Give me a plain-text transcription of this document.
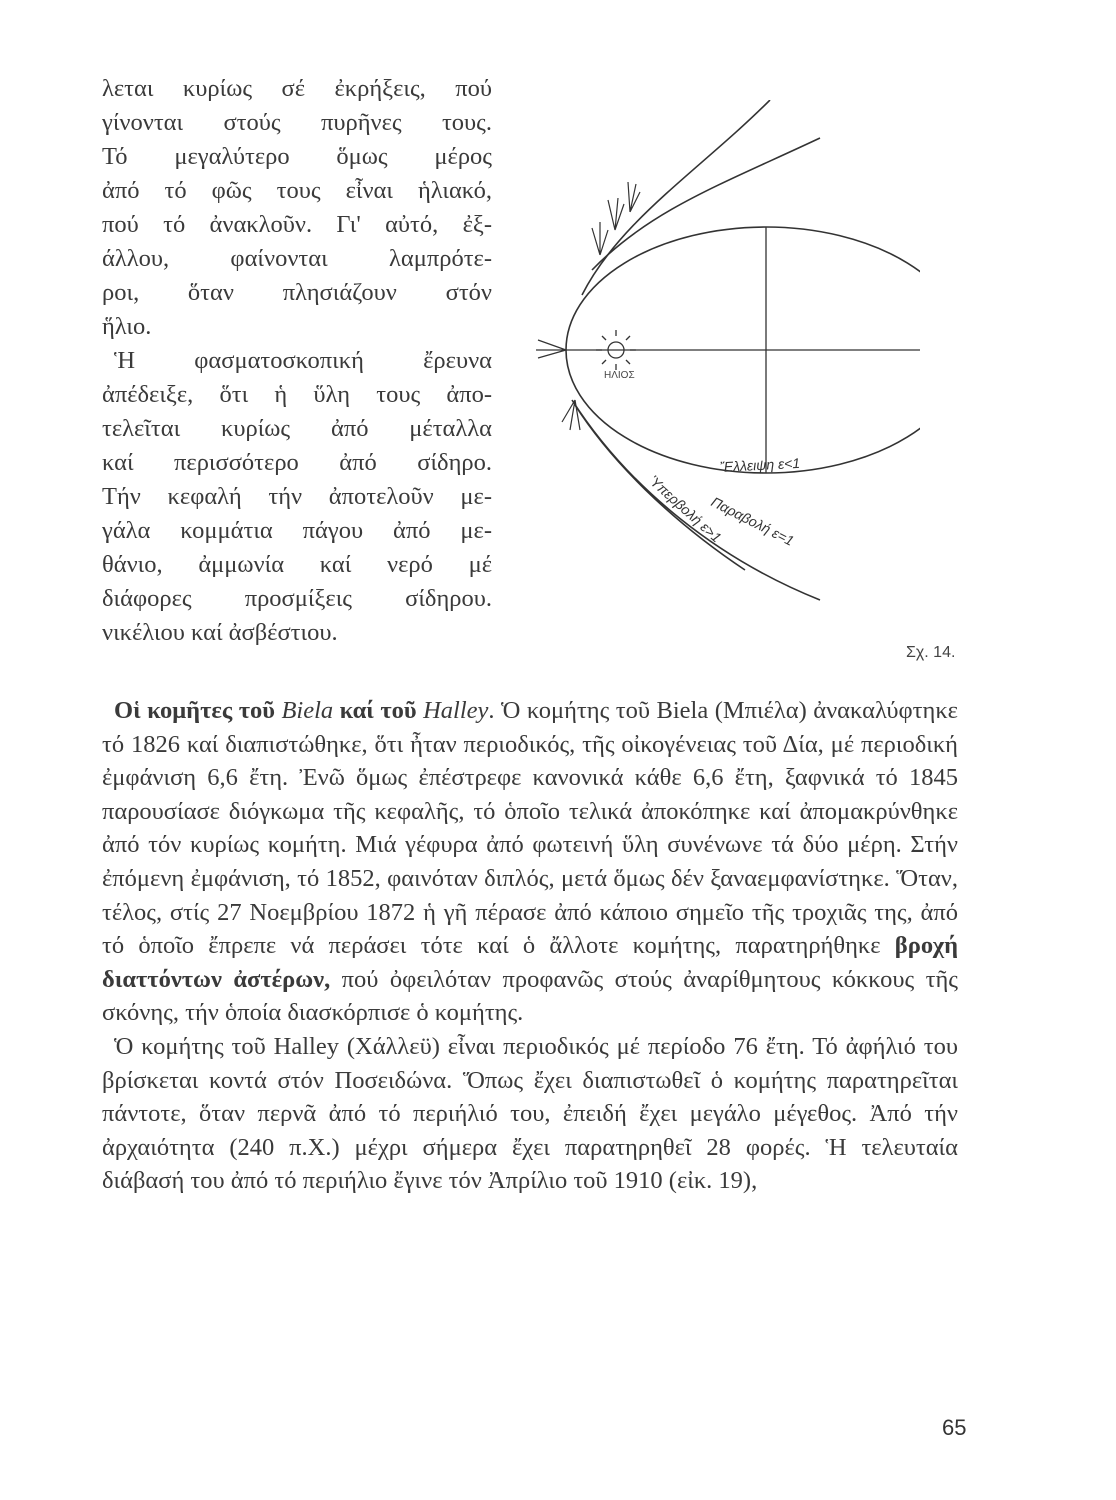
λεται κυρίως σέ ἐκρήξεις, πού

γίνονται στούς πυρῆνες τους.

Τό μεγαλύτερο ὅμως μέρος

ἀπό τό φῶς τους εἶναι ἡλιακό,

πού τό ἀνακλοῦν. Γι' αὐτό, ἐξ-

άλλου, φαίνονται λαμπρότε-

ροι, ὅταν πλησιάζουν στόν

ἥλιο.

Ἡ φασματοσκοπική ἔρευνα

ἀπέδειξε, ὅτι ἡ ὕλη τους ἀπο-

τελεῖται κυρίως ἀπό μέταλλα

καί περισσότερο ἀπό σίδηρο.

Τήν κεφαλή τήν ἀποτελοῦν με-

γάλα κομμάτια πάγου ἀπό με-

θάνιο, ἀμμωνία καί νερό μέ

διάφορες προσμίξεις σίδηρου.

νικέλιου καί ἀσβέστιου.

ΗΛΙΟΣ
Ἔλλειψη ε<1
Παραβολή ε=1
Ὑπερβολή ε>1
Σχ. 14.

Οἱ κομῆτες τοῦ Biela καί τοῦ Halley. Ὁ κομήτης τοῦ Biela (Μπιέλα) ἀνακαλύφτηκε τό 1826 καί διαπιστώθηκε, ὅτι ἦταν περιοδικός, τῆς οἰκογένειας τοῦ Δία, μέ περιοδική ἐμφάνιση 6,6 ἔτη. Ἐνῶ ὅμως ἐπέστρεφε κανονικά κάθε 6,6 ἔτη, ξαφνικά τό 1845 παρουσίασε διόγκωμα τῆς κεφαλῆς, τό ὁποῖο τελικά ἀποκόπηκε καί ἀπομακρύνθηκε ἀπό τόν κυρίως κομήτη. Μιά γέφυρα ἀπό φωτεινή ὕλη συνένωνε τά δύο μέρη. Στήν ἐπόμενη ἐμφάνιση, τό 1852, φαινόταν διπλός, μετά ὅμως δέν ξαναεμφανίστηκε. Ὅταν, τέλος, στίς 27 Νοεμβρίου 1872 ἡ γῆ πέρασε ἀπό κάποιο σημεῖο τῆς τροχιᾶς της, ἀπό τό ὁποῖο ἔπρεπε νά περάσει τότε καί ὁ ἄλλοτε κομήτης, παρατηρήθηκε βροχή διαττόντων ἀστέρων, πού ὀφειλόταν προφανῶς στούς ἀναρίθμητους κόκκους τῆς σκόνης, τήν ὁποία διασκόρπισε ὁ κομήτης.

Ὁ κομήτης τοῦ Halley (Χάλλεϋ) εἶναι περιοδικός μέ περίοδο 76 ἔτη. Τό ἀφήλιό του βρίσκεται κοντά στόν Ποσειδώνα. Ὅπως ἔχει διαπιστωθεῖ ὁ κομήτης παρατηρεῖται πάντοτε, ὅταν περνᾶ ἀπό τό περιήλιό του, ἐπειδή ἔχει μεγάλο μέγεθος. Ἀπό τήν ἀρχαιότητα (240 π.Χ.) μέχρι σήμερα ἔχει παρατηρηθεῖ 28 φορές. Ἡ τελευταία διάβασή του ἀπό τό περιήλιο ἔγινε τόν Ἀπρίλιο τοῦ 1910 (εἰκ. 19),

65
